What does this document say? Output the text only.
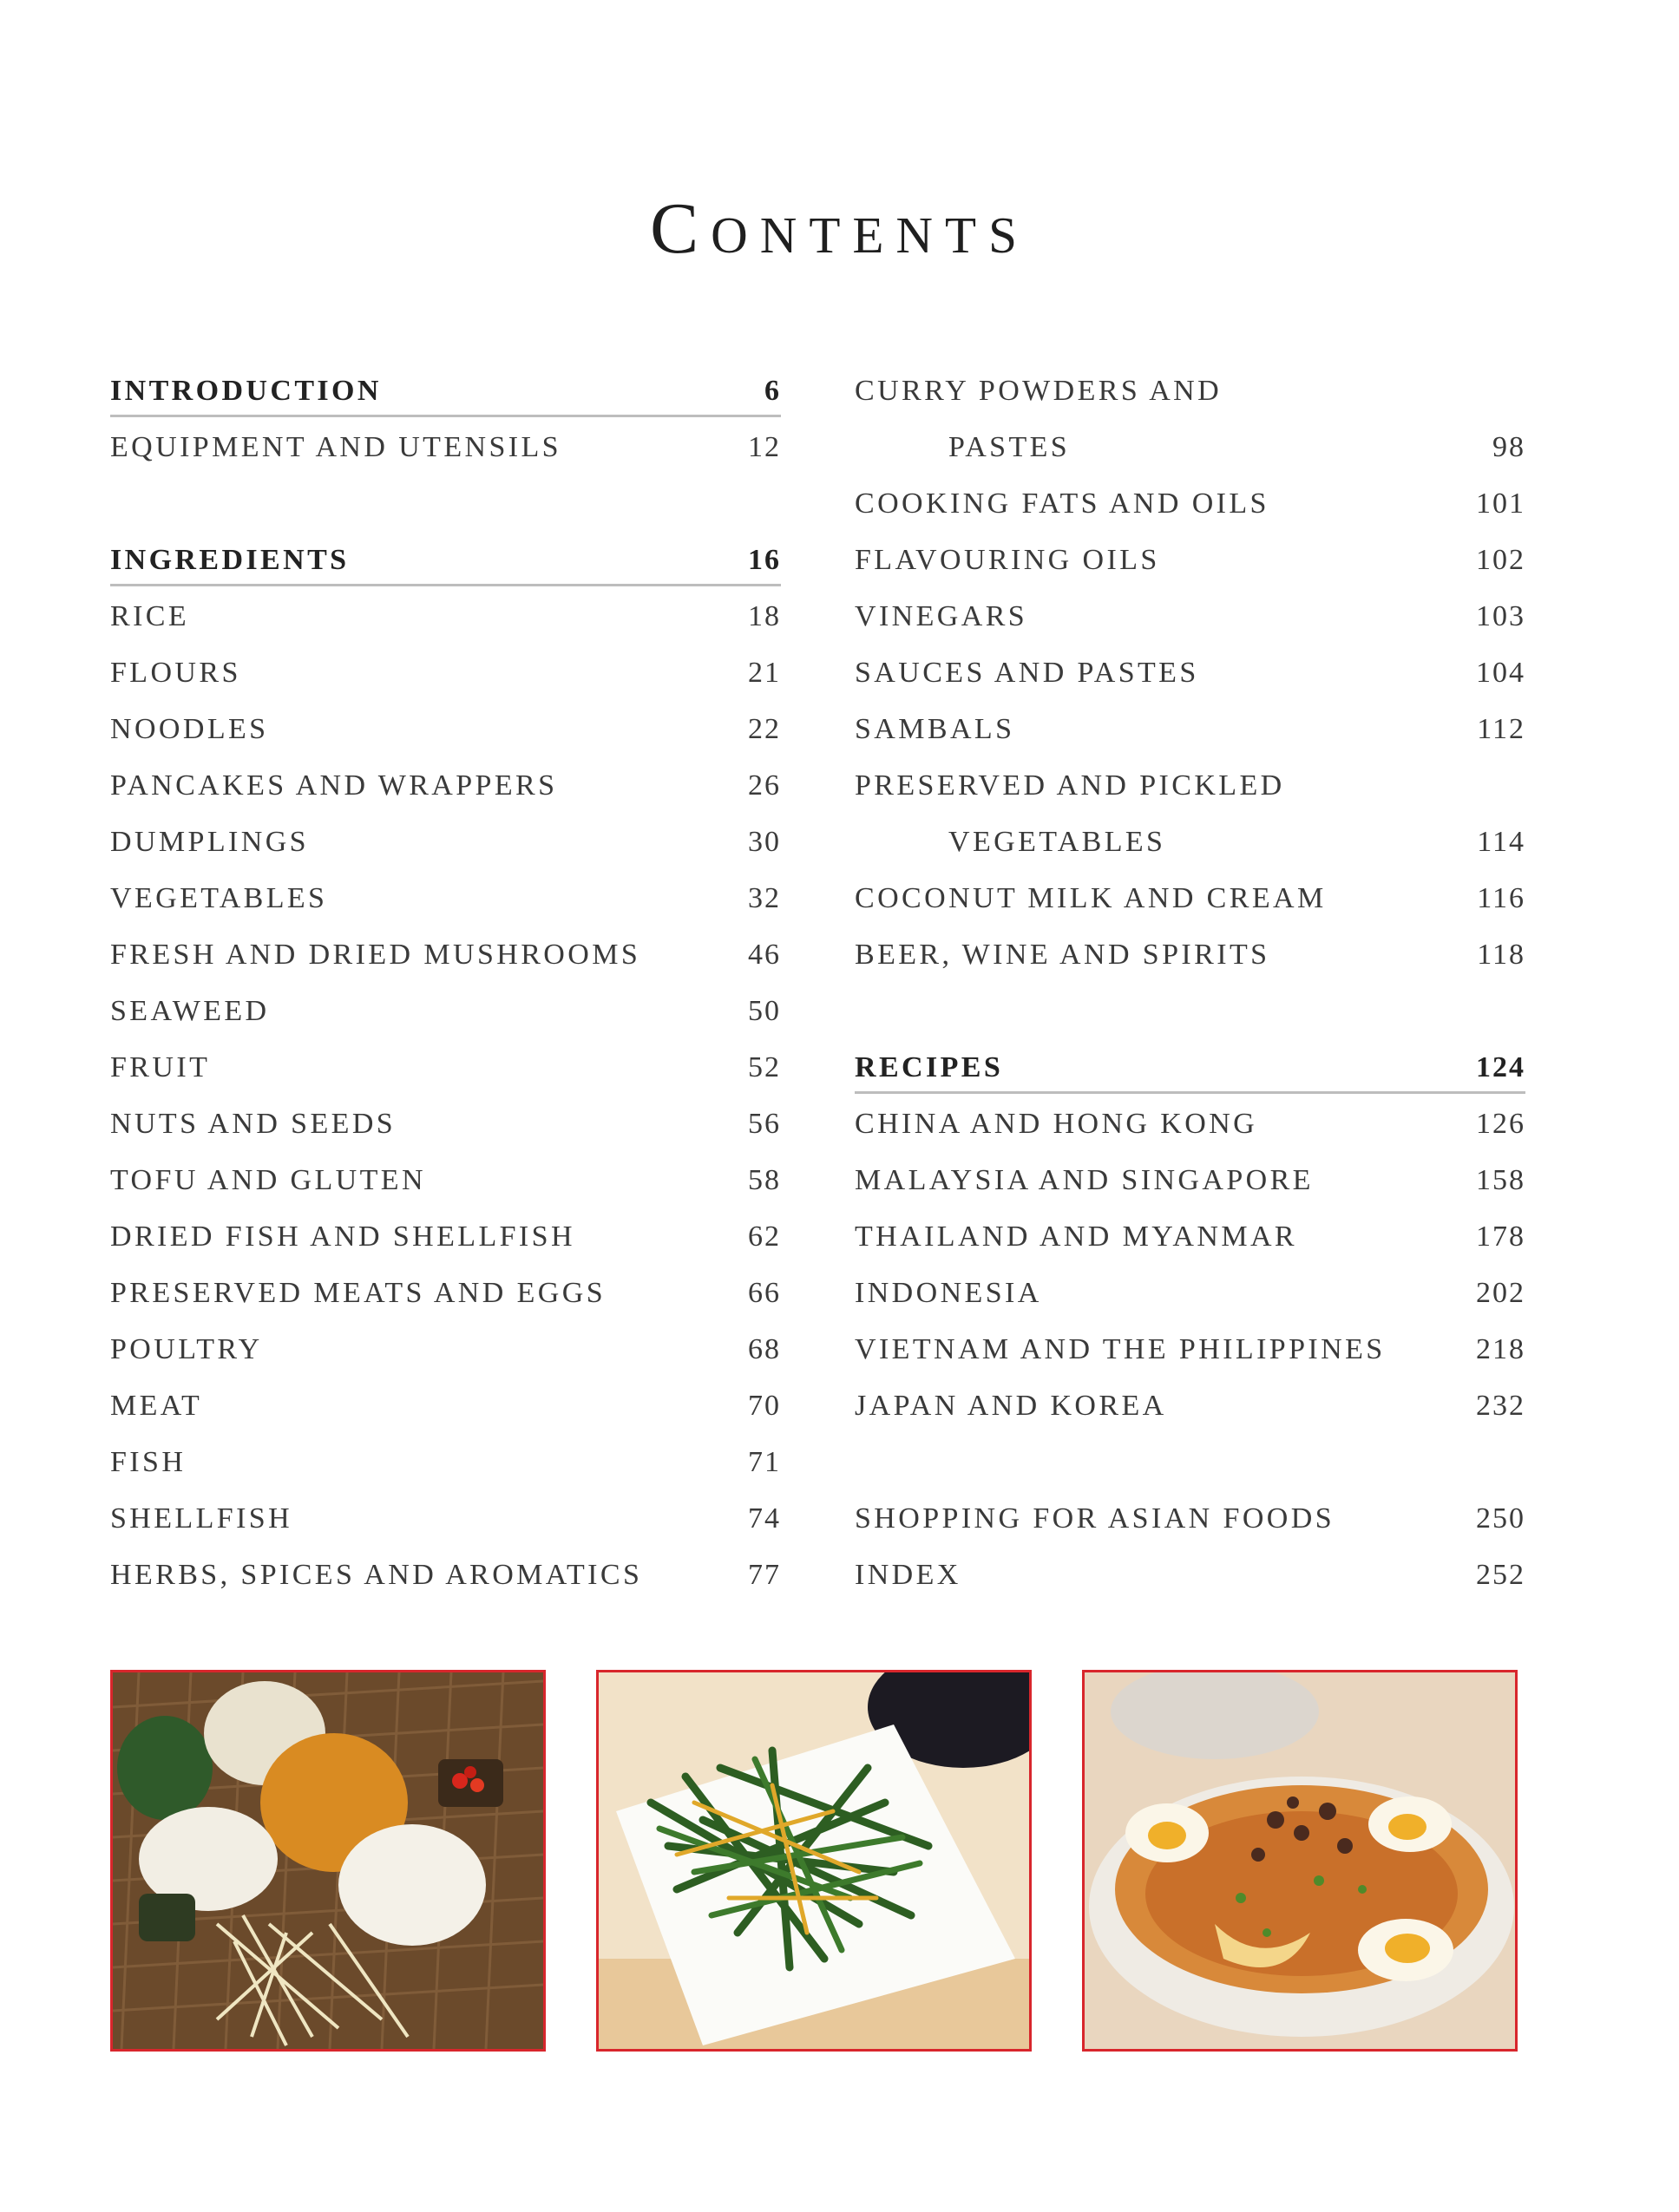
Contents
INTRODUCTION	6
EQUIPMENT AND UTENSILS	12
INGREDIENTS	16
RICE	18
FLOURS	21
NOODLES	22
PANCAKES AND WRAPPERS	26
DUMPLINGS	30
VEGETABLES	32
FRESH AND DRIED MUSHROOMS	46
SEAWEED	50
FRUIT	52
NUTS AND SEEDS	56
TOFU AND GLUTEN	58
DRIED FISH AND SHELLFISH	62
PRESERVED MEATS AND EGGS	66
POULTRY	68
MEAT	70
FISH	71
SHELLFISH	74
HERBS, SPICES AND AROMATICS	77
CURRY POWDERS AND
PASTES	98
COOKING FATS AND OILS	101
FLAVOURING OILS	102
VINEGARS	103
SAUCES AND PASTES	104
SAMBALS	112
PRESERVED AND PICKLED
VEGETABLES	114
COCONUT MILK AND CREAM	116
BEER, WINE AND SPIRITS	118
RECIPES	124
CHINA AND HONG KONG	126
MALAYSIA AND SINGAPORE	158
THAILAND AND MYANMAR	178
INDONESIA	202
VIETNAM AND THE PHILIPPINES	218
JAPAN AND KOREA	232
SHOPPING FOR ASIAN FOODS	250
INDEX	252
